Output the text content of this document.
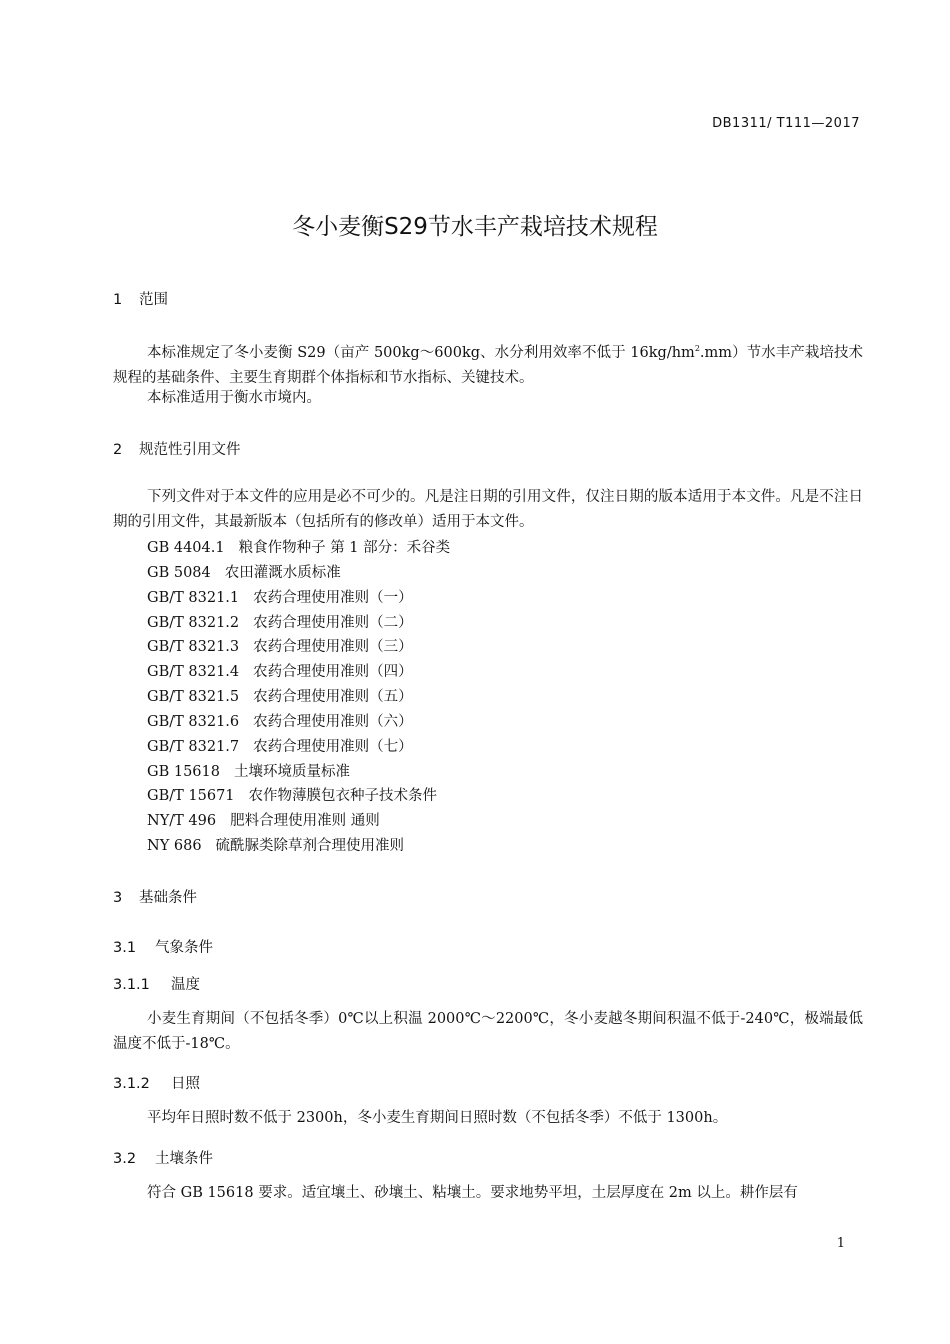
DB1311/ T111—2017
冬小麦衡S29节水丰产栽培技术规程
1 范围

本标准规定了冬小麦衡 S29（亩产 500kg～600kg、水分利用效率不低于 $16kg/hm^2.mm$）节水丰产栽培技术规程的基础条件、主要生育期群个体指标和节水指标、关键技术。

本标准适用于衡水市境内。

2 规范性引用文件

下列文件对于本文件的应用是必不可少的。凡是注日期的引用文件，仅注日期的版本适用于本文件。凡是不注日期的引用文件，其最新版本（包括所有的修改单）适用于本文件。

GB 4404.1 粮食作物种子 第 1 部分：禾谷类
GB 5084 农田灌溉水质标准
GB/T 8321.1 农药合理使用准则（一）
GB/T 8321.2 农药合理使用准则（二）
GB/T 8321.3 农药合理使用准则（三）
GB/T 8321.4 农药合理使用准则（四）
GB/T 8321.5 农药合理使用准则（五）
GB/T 8321.6 农药合理使用准则（六）
GB/T 8321.7 农药合理使用准则（七）
GB 15618 土壤环境质量标准
GB/T 15671 农作物薄膜包衣种子技术条件
NY/T 496 肥料合理使用准则 通则
NY 686 硫酰脲类除草剂合理使用准则
3 基础条件
3.1 气象条件
3.1.1 温度

小麦生育期间（不包括冬季）0℃以上积温 2000℃～2200℃，冬小麦越冬期间积温不低于-240℃，极端最低温度不低于-18℃。

3.1.2 日照

平均年日照时数不低于 2300h，冬小麦生育期间日照时数（不包括冬季）不低于 1300h。

3.2 土壤条件

符合 GB 15618 要求。适宜壤土、砂壤土、粘壤土。要求地势平坦，土层厚度在 2m 以上。耕作层有

1
